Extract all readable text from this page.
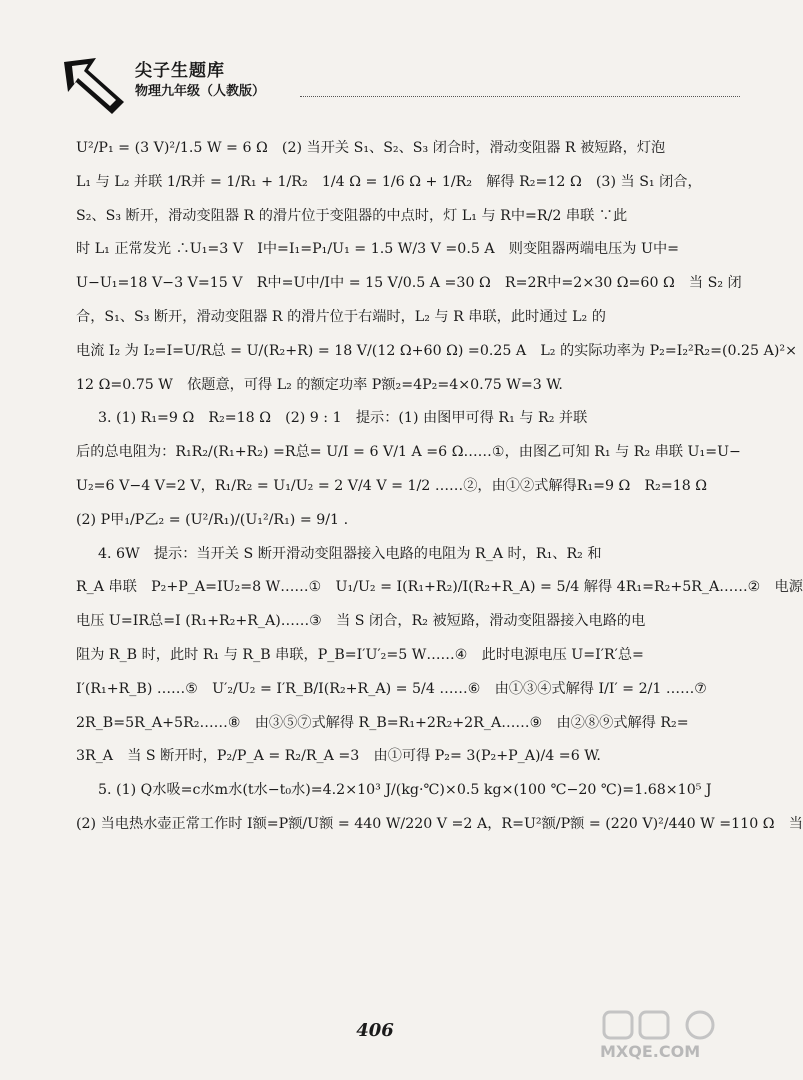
尖子生题库
物理九年级（人教版）
U²/P₁ = (3 V)²/1.5 W = 6 Ω　(2) 当开关 S₁、S₂、S₃ 闭合时，滑动变阻器 R 被短路，灯泡
L₁ 与 L₂ 并联 1/R并 = 1/R₁ + 1/R₂　1/4 Ω = 1/6 Ω + 1/R₂　解得 R₂=12 Ω　(3) 当 S₁ 闭合，
S₂、S₃ 断开，滑动变阻器 R 的滑片位于变阻器的中点时，灯 L₁ 与 R中=R/2 串联 ∵此
时 L₁ 正常发光 ∴U₁=3 V　I中=I₁=P₁/U₁ = 1.5 W/3 V =0.5 A　则变阻器两端电压为 U中=
U−U₁=18 V−3 V=15 V　R中=U中/I中 = 15 V/0.5 A =30 Ω　R=2R中=2×30 Ω=60 Ω　当 S₂ 闭
合，S₁、S₃ 断开，滑动变阻器 R 的滑片位于右端时，L₂ 与 R 串联，此时通过 L₂ 的
电流 I₂ 为 I₂=I=U/R总 = U/(R₂+R) = 18 V/(12 Ω+60 Ω) =0.25 A　L₂ 的实际功率为 P₂=I₂²R₂=(0.25 A)²×
12 Ω=0.75 W　依题意，可得 L₂ 的额定功率 P额₂=4P₂=4×0.75 W=3 W.
3. (1) R₁=9 Ω　R₂=18 Ω　(2) 9 : 1　提示：(1) 由图甲可得 R₁ 与 R₂ 并联
后的总电阻为：R₁R₂/(R₁+R₂) =R总= U/I = 6 V/1 A =6 Ω……①，由图乙可知 R₁ 与 R₂ 串联 U₁=U−
U₂=6 V−4 V=2 V，R₁/R₂ = U₁/U₂ = 2 V/4 V = 1/2 ……②，由①②式解得R₁=9 Ω　R₂=18 Ω
(2) P甲₁/P乙₂ = (U²/R₁)/(U₁²/R₁) = 9/1 .
4. 6W　提示：当开关 S 断开滑动变阻器接入电路的电阻为 R_A 时，R₁、R₂ 和
R_A 串联　P₂+P_A=IU₂=8 W……①　U₁/U₂ = I(R₁+R₂)/I(R₂+R_A) = 5/4 解得 4R₁=R₂+5R_A……②　电源
电压 U=IR总=I (R₁+R₂+R_A)……③　当 S 闭合，R₂ 被短路，滑动变阻器接入电路的电
阻为 R_B 时，此时 R₁ 与 R_B 串联，P_B=I′U′₂=5 W……④　此时电源电压 U=I′R′总=
I′(R₁+R_B) ……⑤　U′₂/U₂ = I′R_B/I(R₂+R_A) = 5/4 ……⑥　由①③④式解得 I/I′ = 2/1 ……⑦
2R_B=5R_A+5R₂……⑧　由③⑤⑦式解得 R_B=R₁+2R₂+2R_A……⑨　由②⑧⑨式解得 R₂=
3R_A　当 S 断开时，P₂/P_A = R₂/R_A =3　由①可得 P₂= 3(P₂+P_A)/4 =6 W.
5. (1) Q水吸=c水m水(t水−t₀水)=4.2×10³ J/(kg·℃)×0.5 kg×(100 ℃−20 ℃)=1.68×10⁵ J
(2) 当电热水壶正常工作时 I额=P额/U额 = 440 W/220 V =2 A，R=U²额/P额 = (220 V)²/440 W =110 Ω　当
406
MXQE.COM
